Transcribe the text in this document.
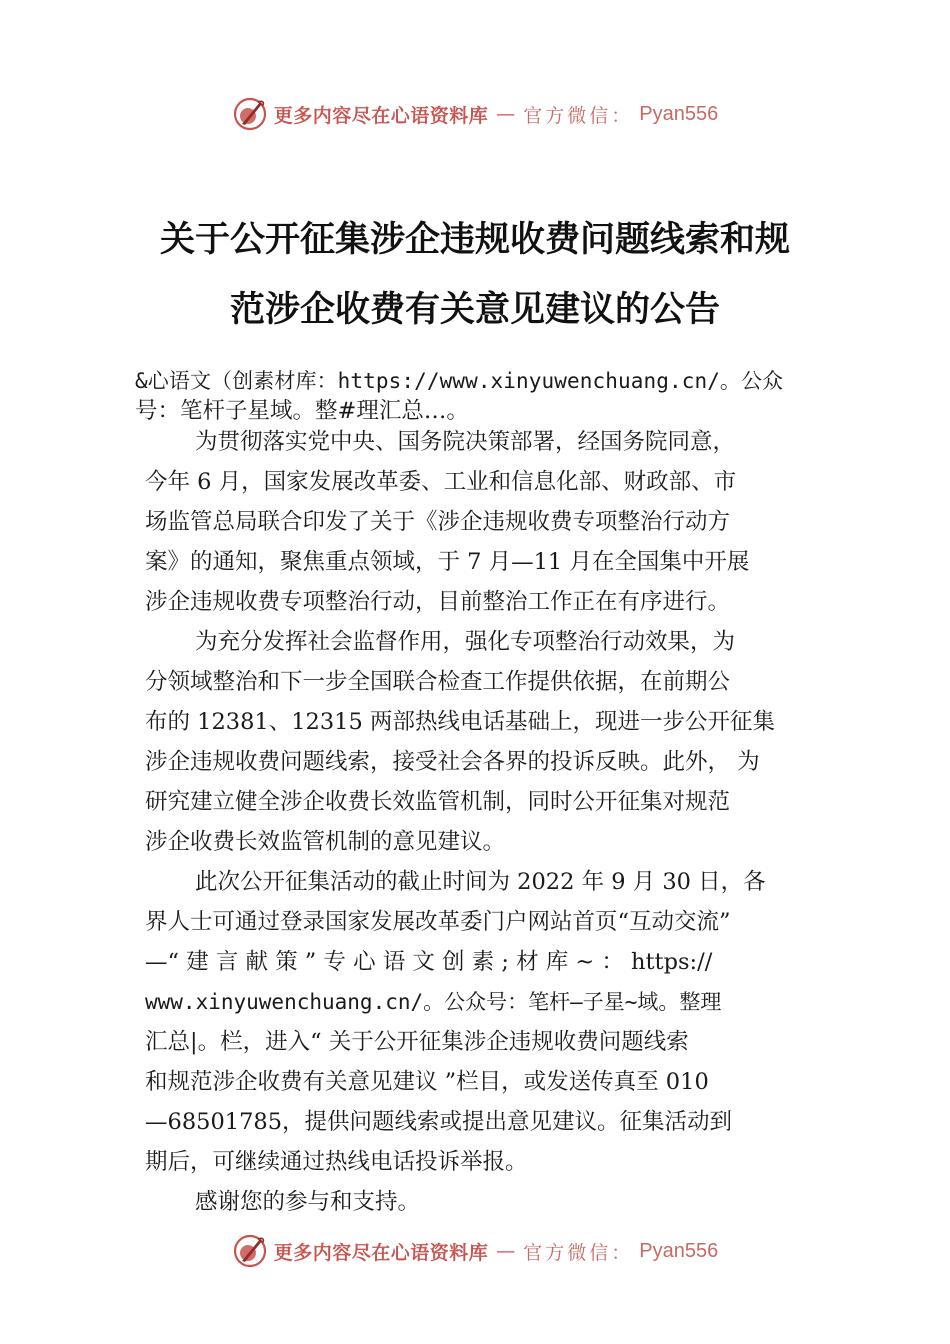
更多内容尽在心语资料库 — 官方微信： Pyan556
关于公开征集涉企违规收费问题线索和规
范涉企收费有关意见建议的公告
&心语文（创素材库：https://www.xinyuwenchuang.cn/。公众
号：笔杆子星域。整#理汇总…。
为贯彻落实党中央、国务院决策部署，经国务院同意，
今年 6 月，国家发展改革委、工业和信息化部、财政部、市
场监管总局联合印发了关于《涉企违规收费专项整治行动方
案》的通知，聚焦重点领域，于 7 月—11 月在全国集中开展
涉企违规收费专项整治行动，目前整治工作正在有序进行。
为充分发挥社会监督作用，强化专项整治行动效果，为
分领域整治和下一步全国联合检查工作提供依据，在前期公
布的 12381、12315 两部热线电话基础上，现进一步公开征集
涉企违规收费问题线索，接受社会各界的投诉反映。此外， 为
研究建立健全涉企收费长效监管机制，同时公开征集对规范
涉企收费长效监管机制的意见建议。
此次公开征集活动的截止时间为 2022 年 9 月 30 日，各
界人士可通过登录国家发展改革委门户网站首页“互动交流”
—“ 建 言 献 策 ” 专 心 语 文 创 素 ; 材 库 ~ ： https://
www.xinyuwenchuang.cn/。公众号：笔杆—子星~域。整理
汇总|。栏，进入“ 关于公开征集涉企违规收费问题线索
和规范涉企收费有关意见建议 ”栏目，或发送传真至 010
—68501785，提供问题线索或提出意见建议。征集活动到
期后，可继续通过热线电话投诉举报。
感谢您的参与和支持。
更多内容尽在心语资料库 — 官方微信： Pyan556
